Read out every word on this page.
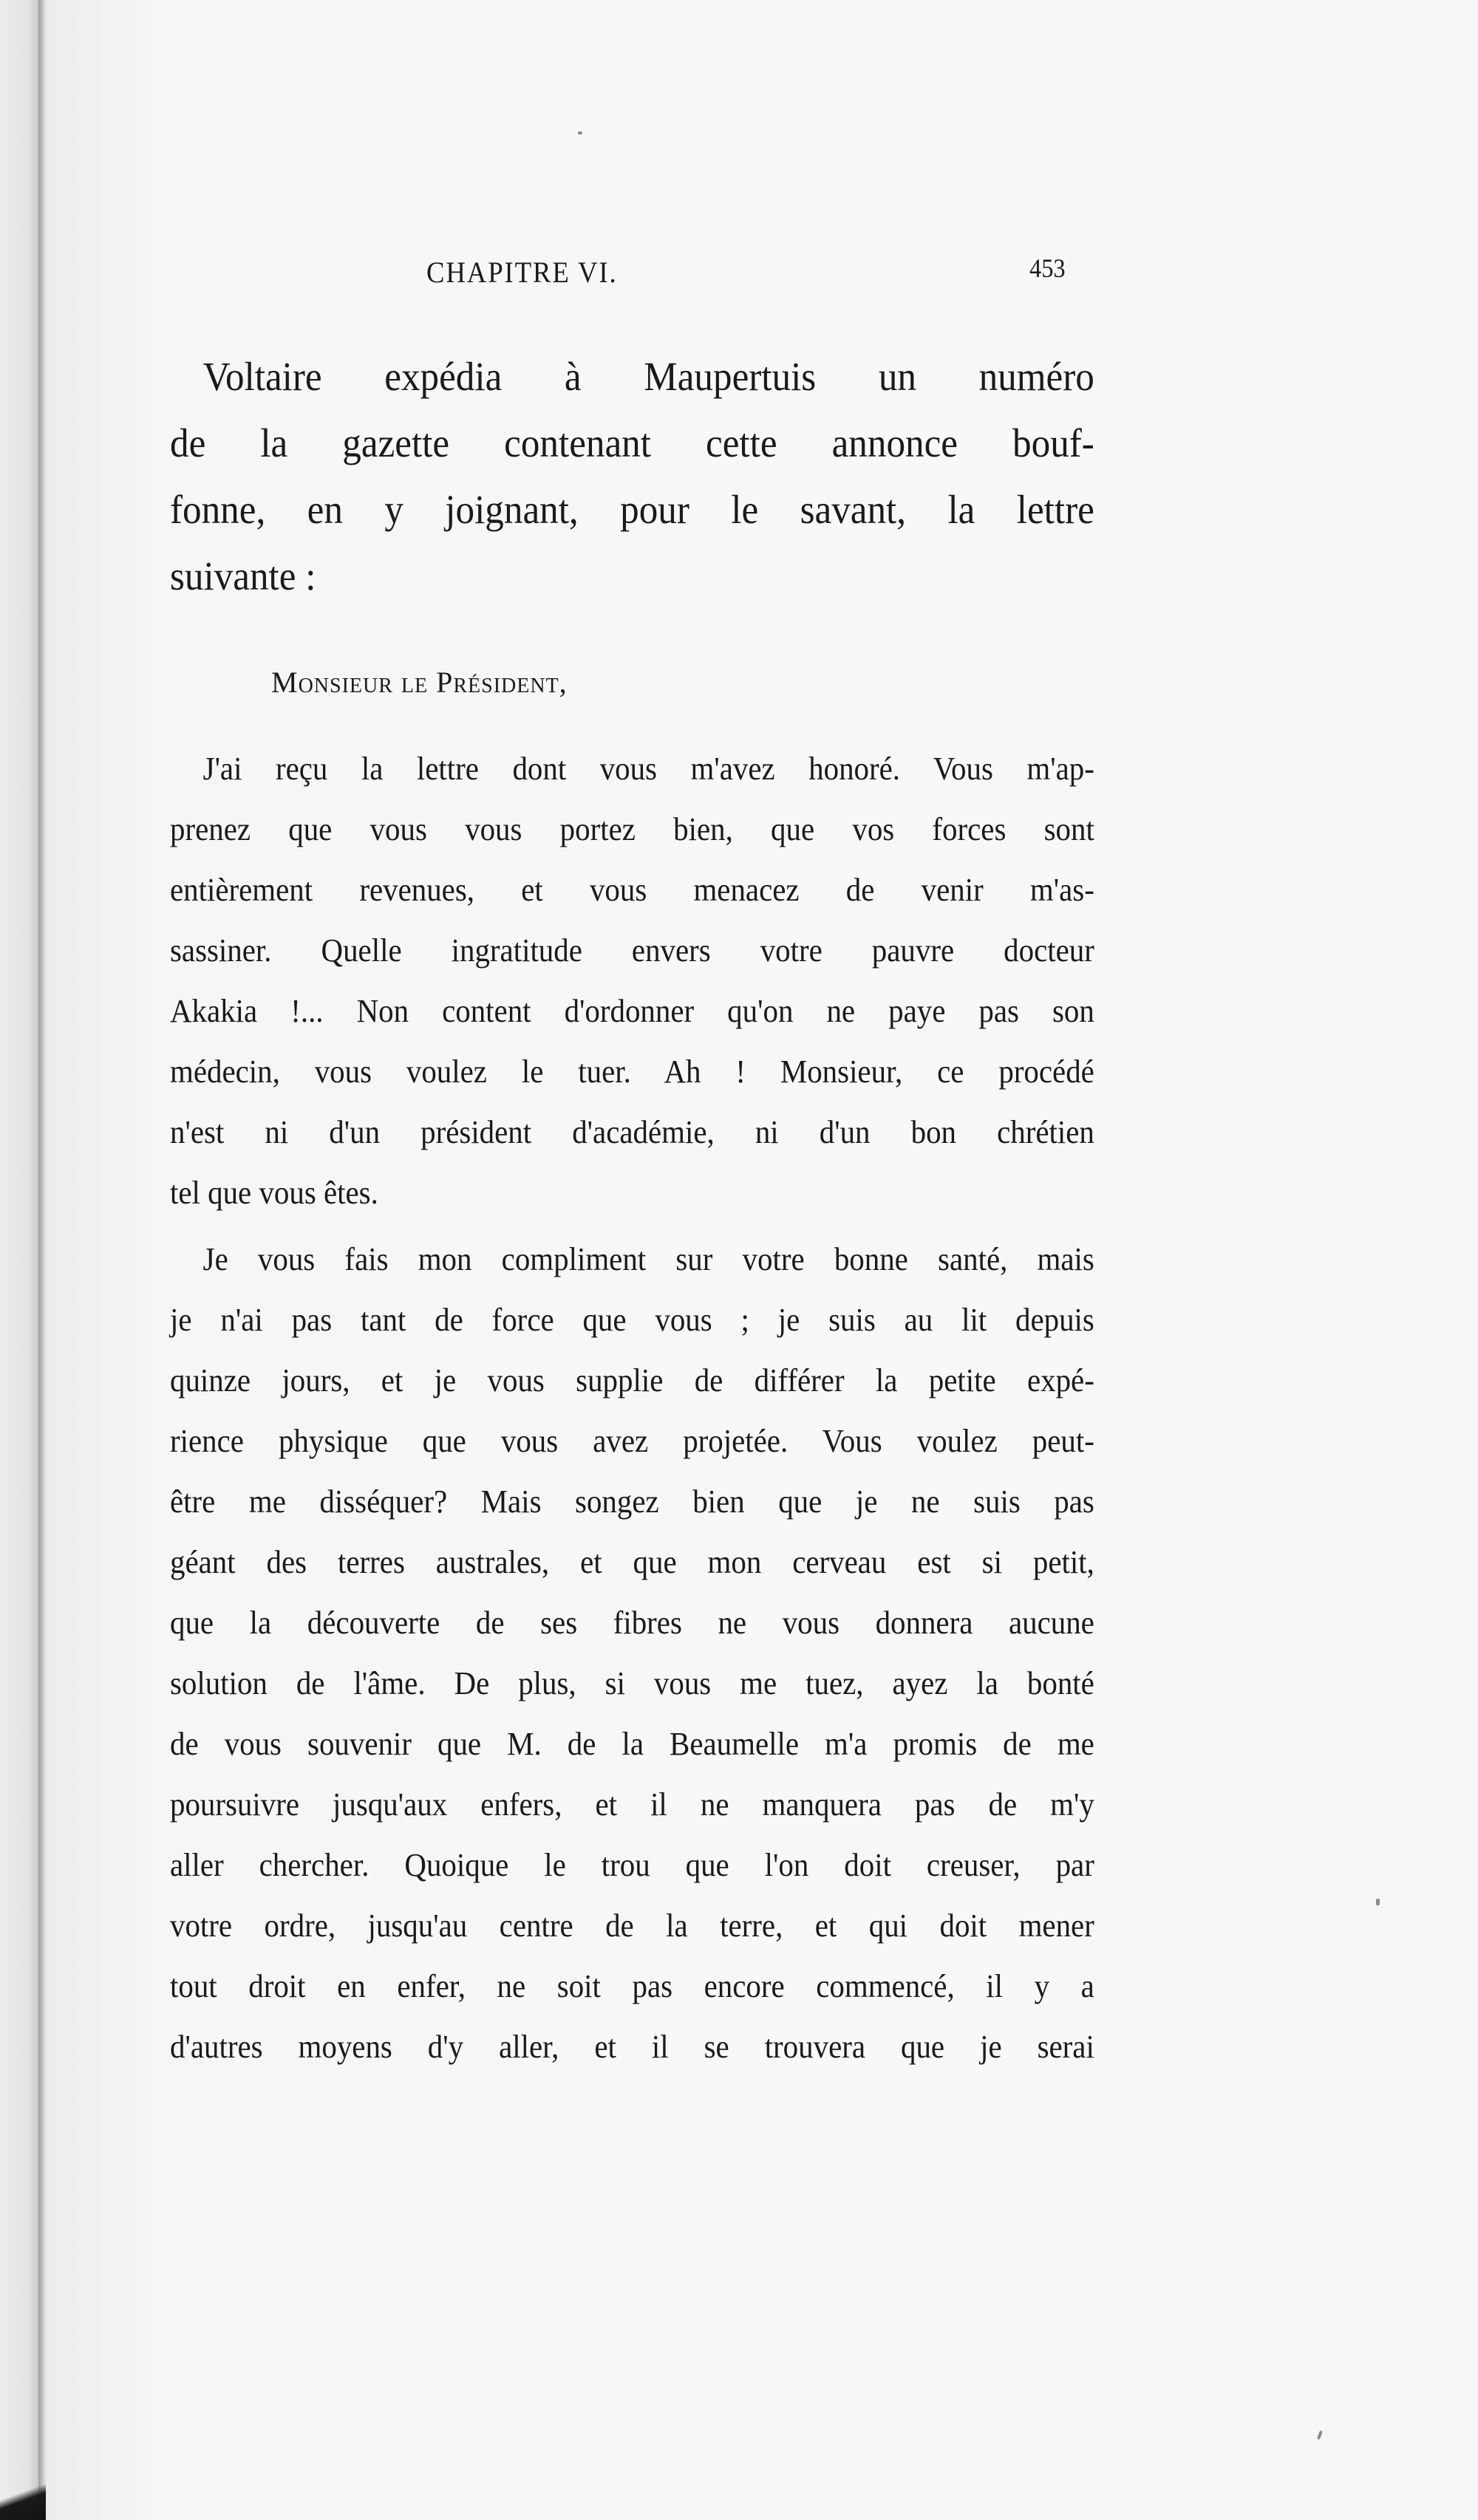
CHAPITRE VI.	453
Voltaire expédia à Maupertuis un numéro
de la gazette contenant cette annonce bouf-
fonne, en y joignant, pour le savant, la lettre
suivante :
Monsieur le Président,
J'ai reçu la lettre dont vous m'avez honoré. Vous m'ap-
prenez que vous vous portez bien, que vos forces sont
entièrement revenues, et vous menacez de venir m'as-
sassiner. Quelle ingratitude envers votre pauvre docteur
Akakia !... Non content d'ordonner qu'on ne paye pas son
médecin, vous voulez le tuer. Ah ! Monsieur, ce procédé
n'est ni d'un président d'académie, ni d'un bon chrétien
tel que vous êtes.
Je vous fais mon compliment sur votre bonne santé, mais
je n'ai pas tant de force que vous ; je suis au lit depuis
quinze jours, et je vous supplie de différer la petite expé-
rience physique que vous avez projetée. Vous voulez peut-
être me disséquer? Mais songez bien que je ne suis pas
géant des terres australes, et que mon cerveau est si petit,
que la découverte de ses fibres ne vous donnera aucune
solution de l'âme. De plus, si vous me tuez, ayez la bonté
de vous souvenir que M. de la Beaumelle m'a promis de me
poursuivre jusqu'aux enfers, et il ne manquera pas de m'y
aller chercher. Quoique le trou que l'on doit creuser, par
votre ordre, jusqu'au centre de la terre, et qui doit mener
tout droit en enfer, ne soit pas encore commencé, il y a
d'autres moyens d'y aller, et il se trouvera que je serai
